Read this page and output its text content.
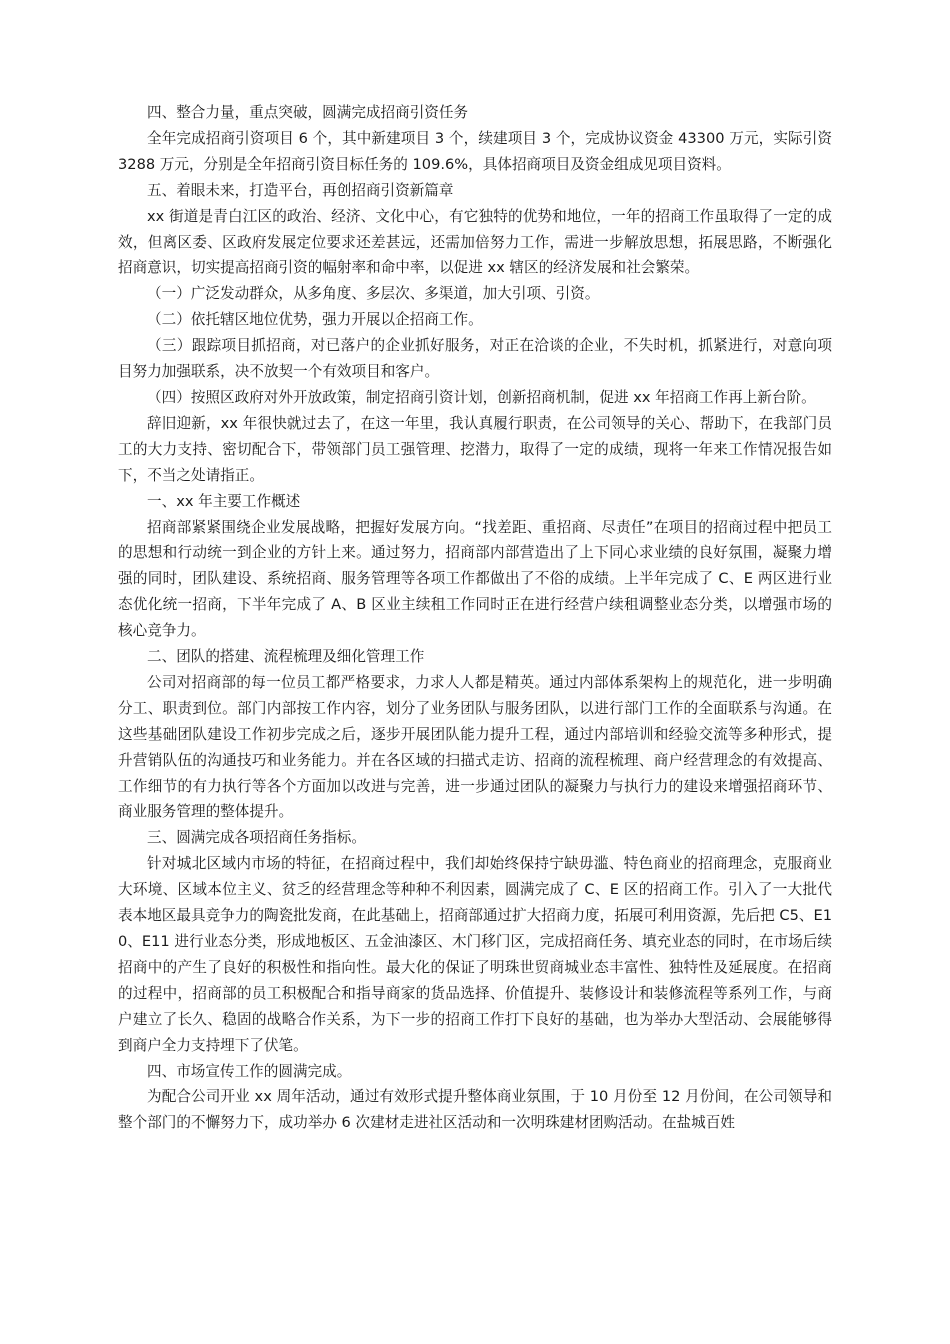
四、整合力量，重点突破，圆满完成招商引资任务

全年完成招商引资项目 6 个，其中新建项目 3 个，续建项目 3 个，完成协议资金 43300 万元，实际引资 3288 万元，分别是全年招商引资目标任务的 109.6%，具体招商项目及资金组成见项目资料。

五、着眼未来，打造平台，再创招商引资新篇章

xx 街道是青白江区的政治、经济、文化中心，有它独特的优势和地位，一年的招商工作虽取得了一定的成效，但离区委、区政府发展定位要求还差甚远，还需加倍努力工作，需进一步解放思想，拓展思路，不断强化招商意识，切实提高招商引资的幅射率和命中率，以促进 xx 辖区的经济发展和社会繁荣。

（一）广泛发动群众，从多角度、多层次、多渠道，加大引项、引资。

（二）依托辖区地位优势，强力开展以企招商工作。

（三）跟踪项目抓招商，对已落户的企业抓好服务，对正在洽谈的企业，不失时机，抓紧进行，对意向项目努力加强联系，决不放契一个有效项目和客户。

（四）按照区政府对外开放政策，制定招商引资计划，创新招商机制，促进 xx 年招商工作再上新台阶。

辞旧迎新，xx 年很快就过去了，在这一年里，我认真履行职责，在公司领导的关心、帮助下，在我部门员工的大力支持、密切配合下，带领部门员工强管理、挖潜力，取得了一定的成绩，现将一年来工作情况报告如下，不当之处请指正。

一、xx 年主要工作概述

招商部紧紧围绕企业发展战略，把握好发展方向。“找差距、重招商、尽责任”在项目的招商过程中把员工的思想和行动统一到企业的方针上来。通过努力，招商部内部营造出了上下同心求业绩的良好氛围，凝聚力增强的同时，团队建设、系统招商、服务管理等各项工作都做出了不俗的成绩。上半年完成了 C、E 两区进行业态优化统一招商，下半年完成了 A、B 区业主续租工作同时正在进行经营户续租调整业态分类，以增强市场的核心竞争力。

二、团队的搭建、流程梳理及细化管理工作

公司对招商部的每一位员工都严格要求，力求人人都是精英。通过内部体系架构上的规范化，进一步明确分工、职责到位。部门内部按工作内容，划分了业务团队与服务团队，以进行部门工作的全面联系与沟通。在这些基础团队建设工作初步完成之后，逐步开展团队能力提升工程，通过内部培训和经验交流等多种形式，提升营销队伍的沟通技巧和业务能力。并在各区域的扫描式走访、招商的流程梳理、商户经营理念的有效提高、工作细节的有力执行等各个方面加以改进与完善，进一步通过团队的凝聚力与执行力的建设来增强招商环节、商业服务管理的整体提升。

三、圆满完成各项招商任务指标。

针对城北区域内市场的特征，在招商过程中，我们却始终保持宁缺毋滥、特色商业的招商理念，克服商业大环境、区域本位主义、贫乏的经营理念等种种不利因素，圆满完成了 C、E 区的招商工作。引入了一大批代表本地区最具竞争力的陶瓷批发商，在此基础上，招商部通过扩大招商力度，拓展可利用资源，先后把 C5、E10、E11 进行业态分类，形成地板区、五金油漆区、木门移门区，完成招商任务、填充业态的同时，在市场后续招商中的产生了良好的积极性和指向性。最大化的保证了明珠世贸商城业态丰富性、独特性及延展度。在招商的过程中，招商部的员工积极配合和指导商家的货品选择、价值提升、装修设计和装修流程等系列工作，与商户建立了长久、稳固的战略合作关系，为下一步的招商工作打下良好的基础，也为举办大型活动、会展能够得到商户全力支持埋下了伏笔。

四、市场宣传工作的圆满完成。

为配合公司开业 xx 周年活动，通过有效形式提升整体商业氛围，于 10 月份至 12 月份间，在公司领导和整个部门的不懈努力下，成功举办 6 次建材走进社区活动和一次明珠建材团购活动。在盐城百姓
